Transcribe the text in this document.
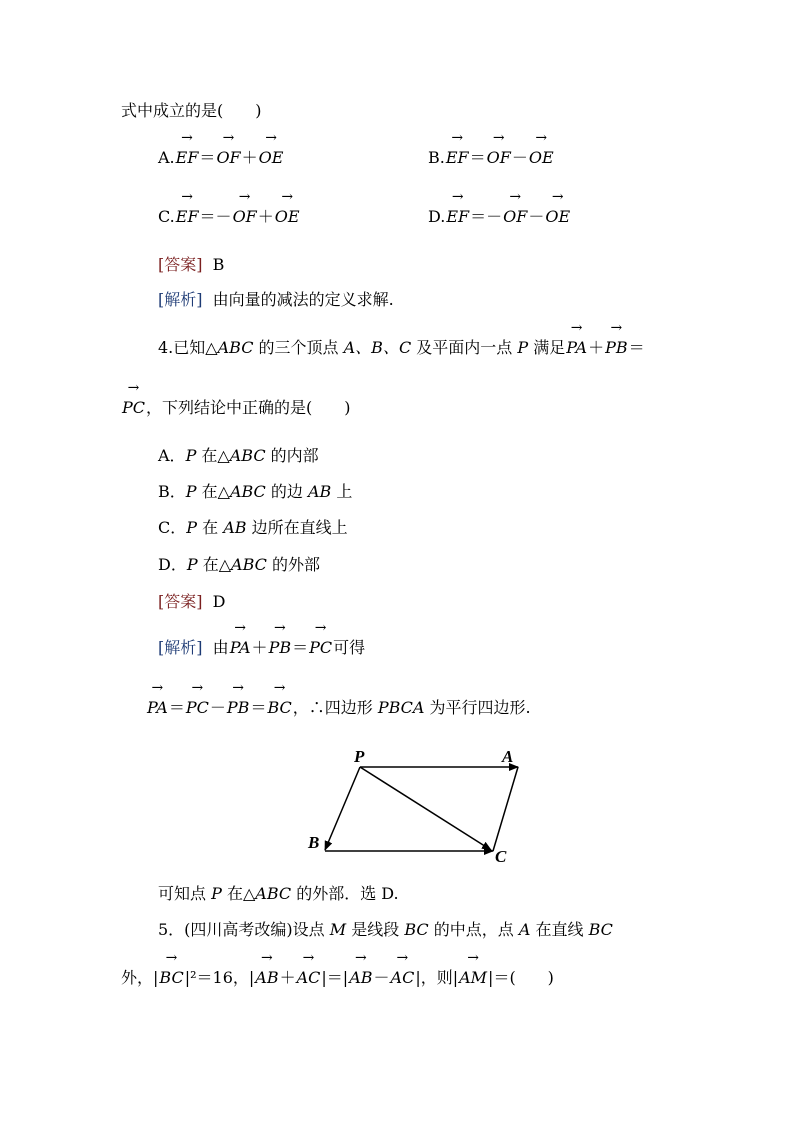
式中成立的是(　　)
A.→ EF＝→ OF＋→ OE	B.→ EF＝→ OF－→ OE
C.→ EF＝－→ OF＋→ OE	D.→ EF＝－→ OF－→ OE
[答案] B
[解析] 由向量的减法的定义求解.
4.已知△ABC 的三个顶点 A、B、C 及平面内一点 P 满足→ PA＋→ PB＝
→ PC，下列结论中正确的是(　　)
A．P 在△ABC 的内部
B．P 在△ABC 的边 AB 上
C．P 在 AB 边所在直线上
D．P 在△ABC 的外部
[答案] D
[解析] 由→ PA＋→ PB＝→ PC可得
→ PA＝→ PC－→ PB＝→ BC，∴四边形 PBCA 为平行四边形.
P	A
B
C
可知点 P 在△ABC 的外部．选 D.
5．(四川高考改编)设点 M 是线段 BC 的中点，点 A 在直线 BC
外，|→ BC|²＝16，|→ AB＋→ AC|＝|→ AB－→ AC|，则|→ AM|＝(　　)
